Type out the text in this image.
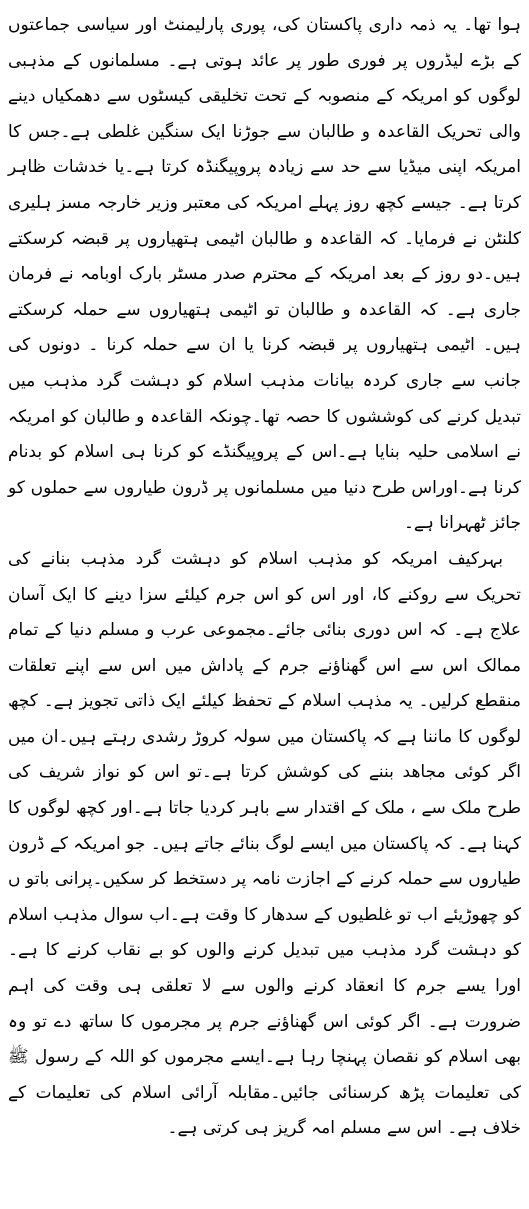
ہوا تھا۔ یہ ذمہ داری پاکستان کی، پوری پارلیمنٹ اور سیاسی جماعتوں کے بڑے لیڈروں پر فوری طور پر عائد ہوتی ہے۔ مسلمانوں کے مذہبی لوگوں کو امریکہ کے منصوبہ کے تحت تخلیقی کیسٹوں سے دھمکیاں دینے والی تحریک القاعدہ و طالبان سے جوڑنا ایک سنگین غلطی ہے۔جس کا امریکہ اپنی میڈیا سے حد سے زیادہ پروپیگنڈہ کرتا ہے۔یا خدشات ظاہر کرتا ہے۔ جیسے کچھ روز پہلے امریکہ کی معتبر وزیر خارجہ مسز ہلیری کلنٹن نے فرمایا۔ کہ القاعدہ و طالبان اٹیمی ہتھیاروں پر قبضہ کرسکتے ہیں۔دو روز کے بعد امریکہ کے محترم صدر مسٹر بارک اوبامہ نے فرمان جاری ہے۔ کہ القاعدہ و طالبان تو اٹیمی ہتھیاروں سے حملہ کرسکتے ہیں۔ اٹیمی ہتھیاروں پر قبضہ کرنا یا ان سے حملہ کرنا ۔ دونوں کی جانب سے جاری کردہ بیانات مذہب اسلام کو دہشت گرد مذہب میں تبدیل کرنے کی کوششوں کا حصہ تھا۔چونکہ القاعدہ و طالبان کو امریکہ نے اسلامی حلیہ بنایا ہے۔اس کے پروپیگنڈے کو کرنا ہی اسلام کو بدنام کرنا ہے۔اوراس طرح دنیا میں مسلمانوں پر ڈرون طیاروں سے حملوں کو جائز ٹھہرانا ہے۔

بہرکیف امریکہ کو مذہب اسلام کو دہشت گرد مذہب بنانے کی تحریک سے روکنے کا، اور اس کو اس جرم کیلئے سزا دینے کا ایک آسان علاج ہے۔ کہ اس دوری بنائی جائے۔مجموعی عرب و مسلم دنیا کے تمام ممالک اس سے اس گھناؤنے جرم کے پاداش میں اس سے اپنے تعلقات منقطع کرلیں۔ یہ مذہب اسلام کے تحفظ کیلئے ایک ذاتی تجویز ہے۔ کچھ لوگوں کا ماننا ہے کہ پاکستان میں سولہ کروڑ رشدی رہتے ہیں۔ان میں اگر کوئی مجاھد بننے کی کوشش کرتا ہے۔تو اس کو نواز شریف کی طرح ملک سے ، ملک کے اقتدار سے باہر کردیا جاتا ہے۔اور کچھ لوگوں کا کہنا ہے۔ کہ پاکستان میں ایسے لوگ بنائے جاتے ہیں۔ جو امریکہ کے ڈرون طیاروں سے حملہ کرنے کے اجازت نامہ پر دستخط کر سکیں۔پرانی باتو ں کو چھوڑیئے اب تو غلطیوں کے سدھار کا وقت ہے۔اب سوال مذہب اسلام کو دہشت گرد مذہب میں تبدیل کرنے والوں کو بے نقاب کرنے کا ہے۔ اورا یسے جرم کا انعقاد کرنے والوں سے لا تعلقی ہی وقت کی اہم ضرورت ہے۔ اگر کوئی اس گھناؤنے جرم پر مجرموں کا ساتھ دے تو وہ بھی اسلام کو نقصان پہنچا رہا ہے۔ایسے مجرموں کو اللہ کے رسول ﷺ کی تعلیمات پڑھ کرسنائی جائیں۔مقابلہ آرائی اسلام کی تعلیمات کے خلاف ہے۔ اس سے مسلم امہ گریز ہی کرتی ہے۔
